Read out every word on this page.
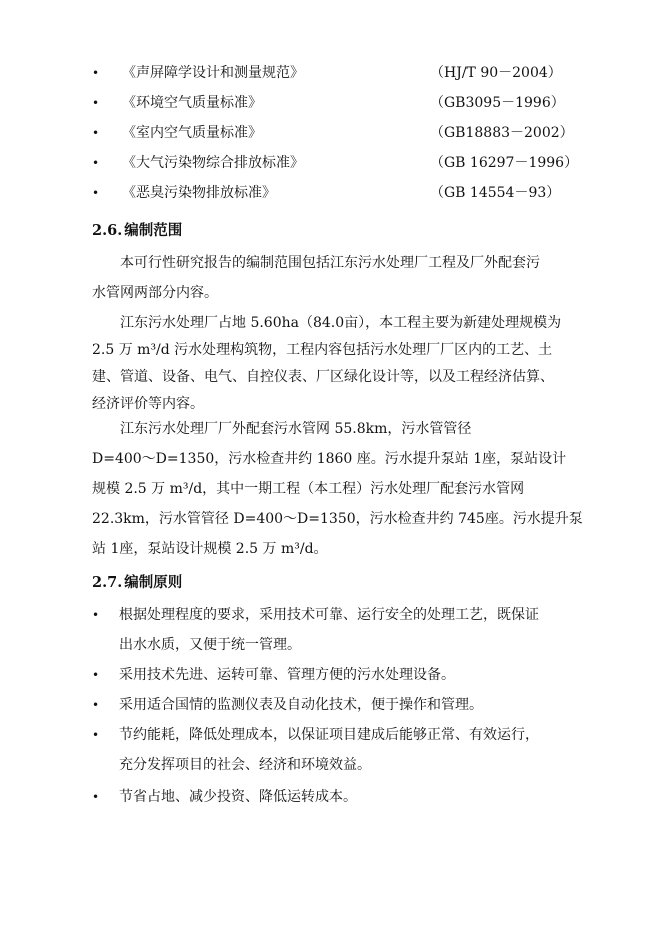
• 《声屏障学设计和测量规范》	（HJ/T 90－2004）
• 《环境空气质量标准》	（GB3095－1996）
• 《室内空气质量标准》	（GB18883－2002）
• 《大气污染物综合排放标准》	（GB 16297－1996）
• 《恶臭污染物排放标准》	（GB 14554－93）
2.6. 编制范围
　　本可行性研究报告的编制范围包括江东污水处理厂工程及厂外配套污
水管网两部分内容。
　　江东污水处理厂占地 5.60ha（84.0亩），本工程主要为新建处理规模为
2.5 万 m³/d 污水处理构筑物，工程内容包括污水处理厂厂区内的工艺、土
建、管道、设备、电气、自控仪表、厂区绿化设计等，以及工程经济估算、
经济评价等内容。
　　江东污水处理厂厂外配套污水管网 55.8km，污水管管径
D=400～D=1350，污水检查井约 1860 座。污水提升泵站 1座，泵站设计
规模 2.5 万 m³/d，其中一期工程（本工程）污水处理厂配套污水管网
22.3km，污水管管径 D=400～D=1350，污水检查井约 745座。污水提升泵
站 1座，泵站设计规模 2.5 万 m³/d。
2.7. 编制原则
• 根据处理程度的要求，采用技术可靠、运行安全的处理工艺，既保证
出水水质，又便于统一管理。
• 采用技术先进、运转可靠、管理方便的污水处理设备。
• 采用适合国情的监测仪表及自动化技术，便于操作和管理。
• 节约能耗，降低处理成本，以保证项目建成后能够正常、有效运行，
充分发挥项目的社会、经济和环境效益。
• 节省占地、减少投资、降低运转成本。
